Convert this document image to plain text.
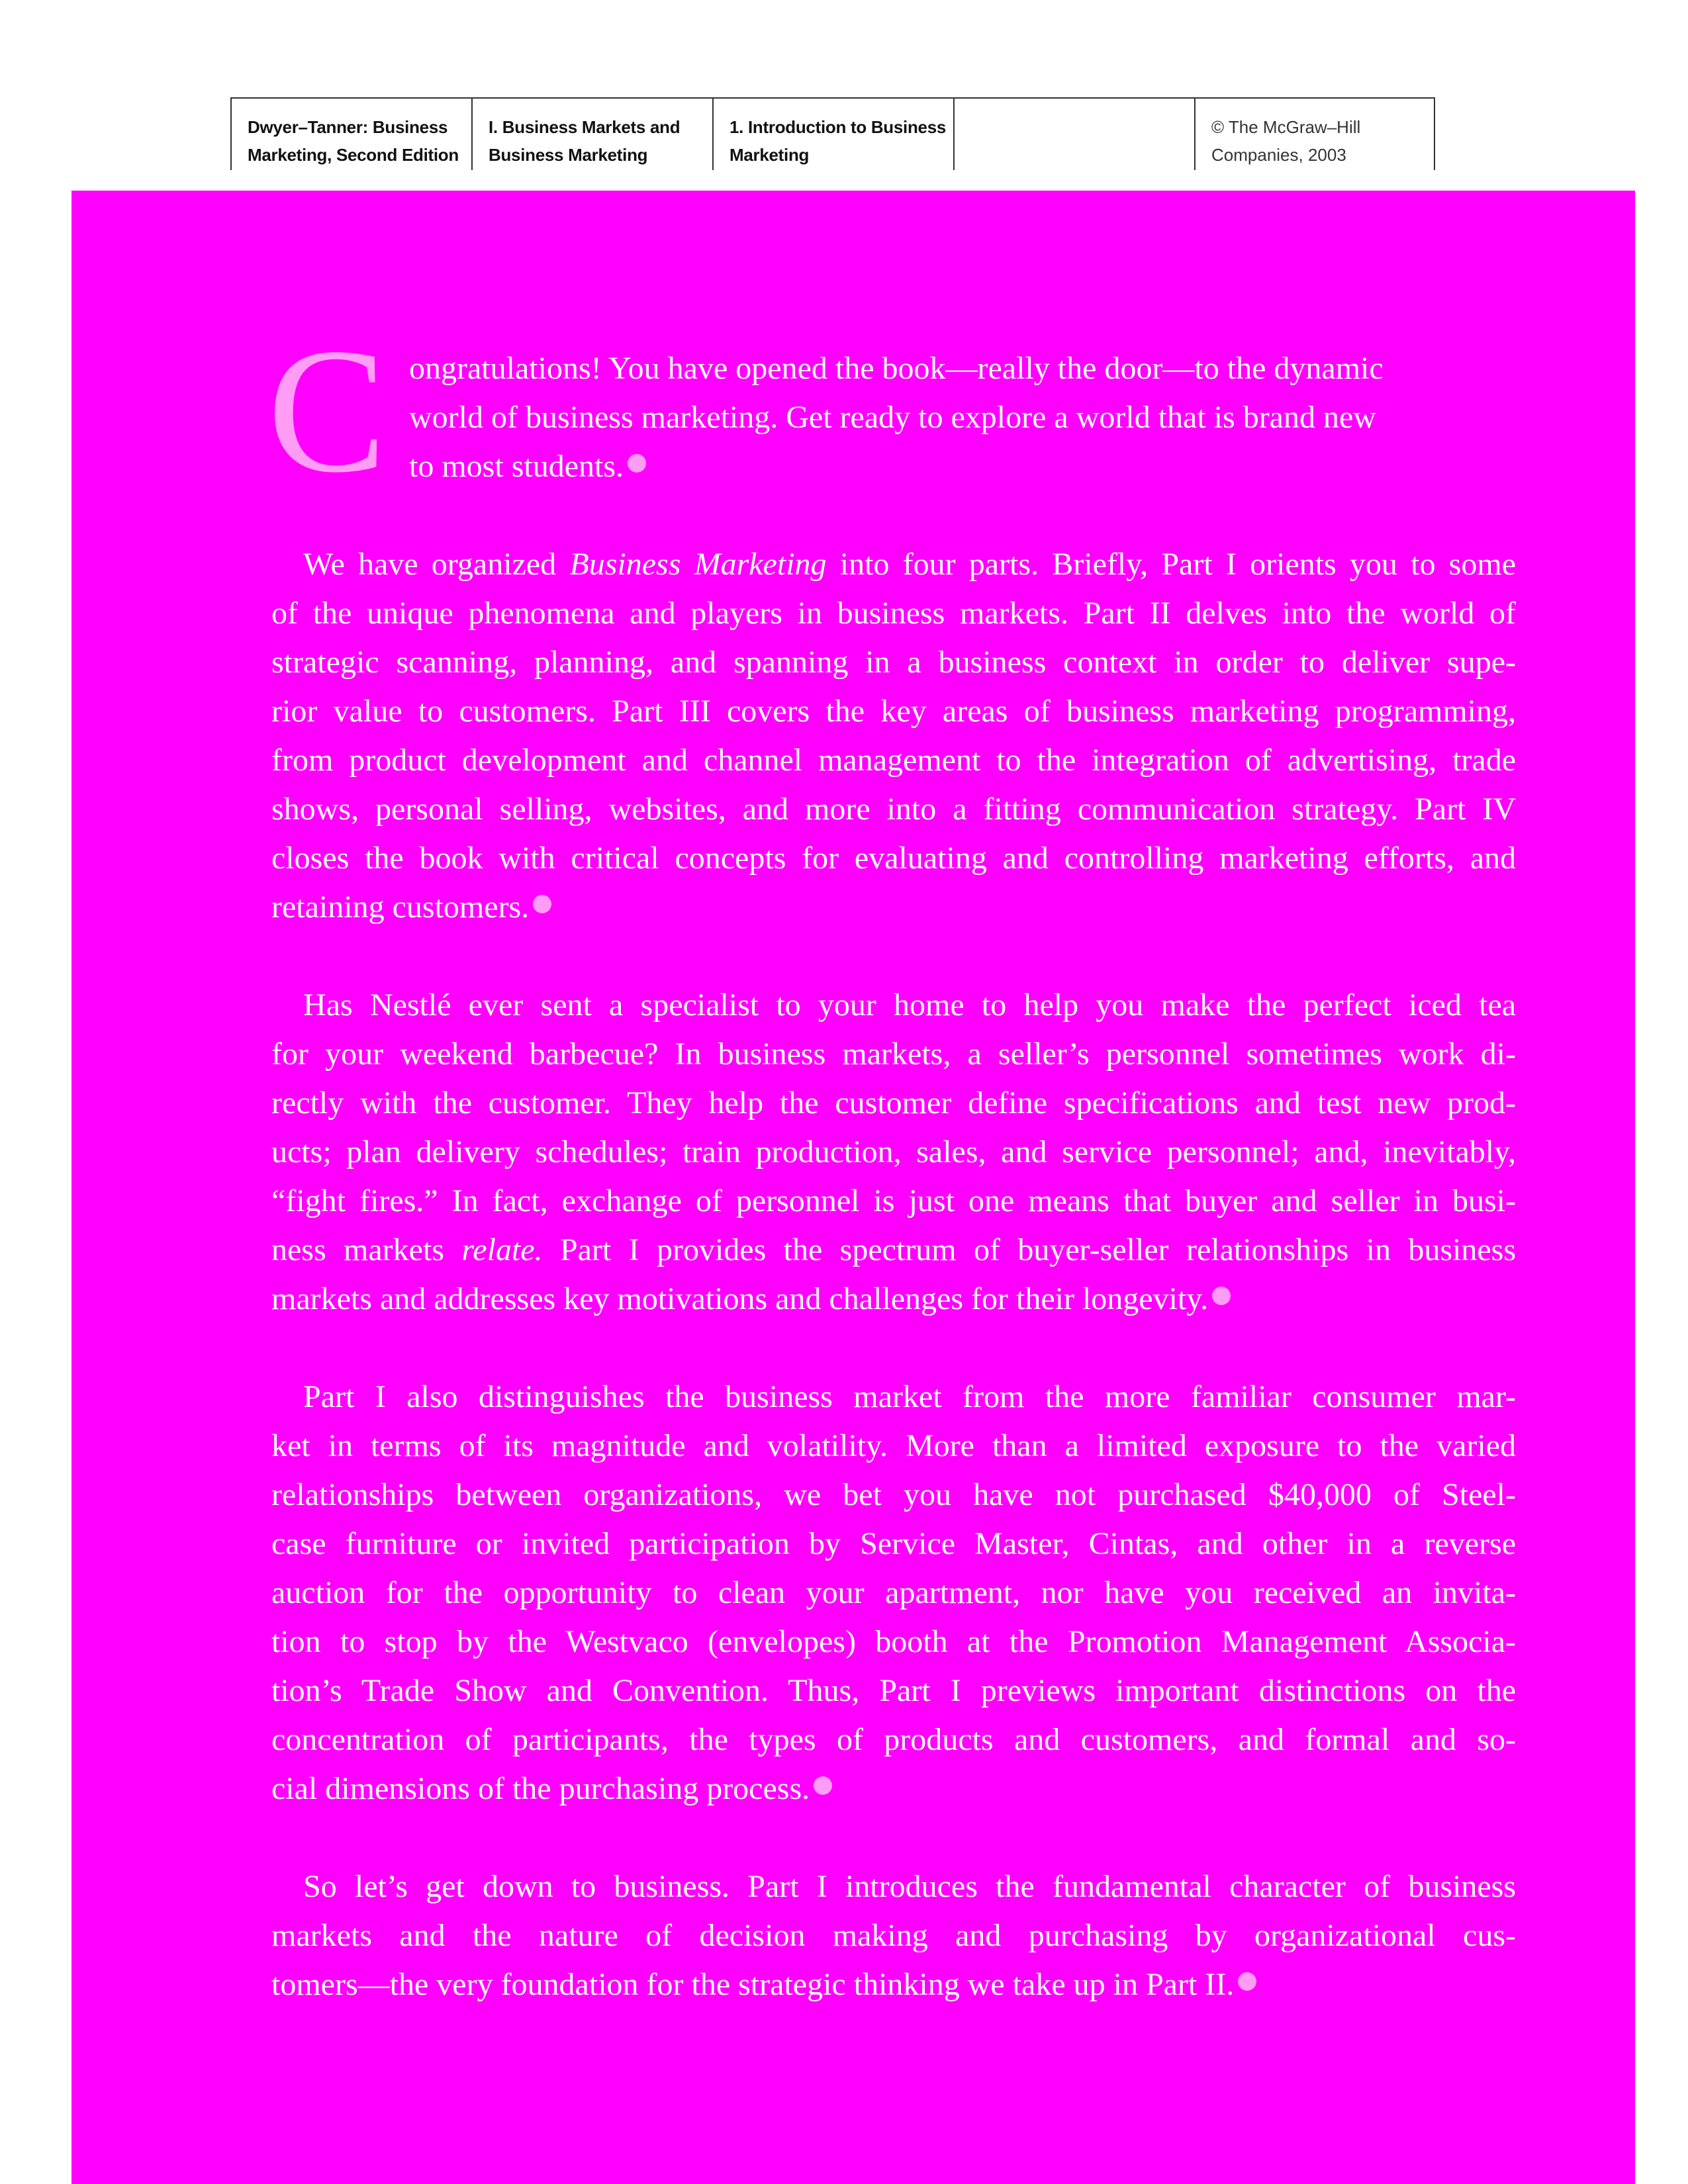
Dwyer–Tanner: Business
Marketing, Second Edition
I. Business Markets and
Business Marketing
1. Introduction to Business
Marketing
© The McGraw–Hill
Companies, 2003
C ongratulations! You have opened the book—really the door—to the dynamic
world of business marketing. Get ready to explore a world that is brand new
to most students.
We have organized Business Marketing into four parts. Briefly, Part I orients you to some
of the unique phenomena and players in business markets. Part II delves into the world of
strategic scanning, planning, and spanning in a business context in order to deliver supe-
rior value to customers. Part III covers the key areas of business marketing programming,
from product development and channel management to the integration of advertising, trade
shows, personal selling, websites, and more into a fitting communication strategy. Part IV
closes the book with critical concepts for evaluating and controlling marketing efforts, and
retaining customers.
Has Nestlé ever sent a specialist to your home to help you make the perfect iced tea
for your weekend barbecue? In business markets, a seller’s personnel sometimes work di-
rectly with the customer. They help the customer define specifications and test new prod-
ucts; plan delivery schedules; train production, sales, and service personnel; and, inevitably,
“fight fires.” In fact, exchange of personnel is just one means that buyer and seller in busi-
ness markets relate. Part I provides the spectrum of buyer-seller relationships in business
markets and addresses key motivations and challenges for their longevity.
Part I also distinguishes the business market from the more familiar consumer mar-
ket in terms of its magnitude and volatility. More than a limited exposure to the varied
relationships between organizations, we bet you have not purchased $40,000 of Steel-
case furniture or invited participation by Service Master, Cintas, and other in a reverse
auction for the opportunity to clean your apartment, nor have you received an invita-
tion to stop by the Westvaco (envelopes) booth at the Promotion Management Associa-
tion’s Trade Show and Convention. Thus, Part I previews important distinctions on the
concentration of participants, the types of products and customers, and formal and so-
cial dimensions of the purchasing process.
So let’s get down to business. Part I introduces the fundamental character of business
markets and the nature of decision making and purchasing by organizational cus-
tomers—the very foundation for the strategic thinking we take up in Part II.
